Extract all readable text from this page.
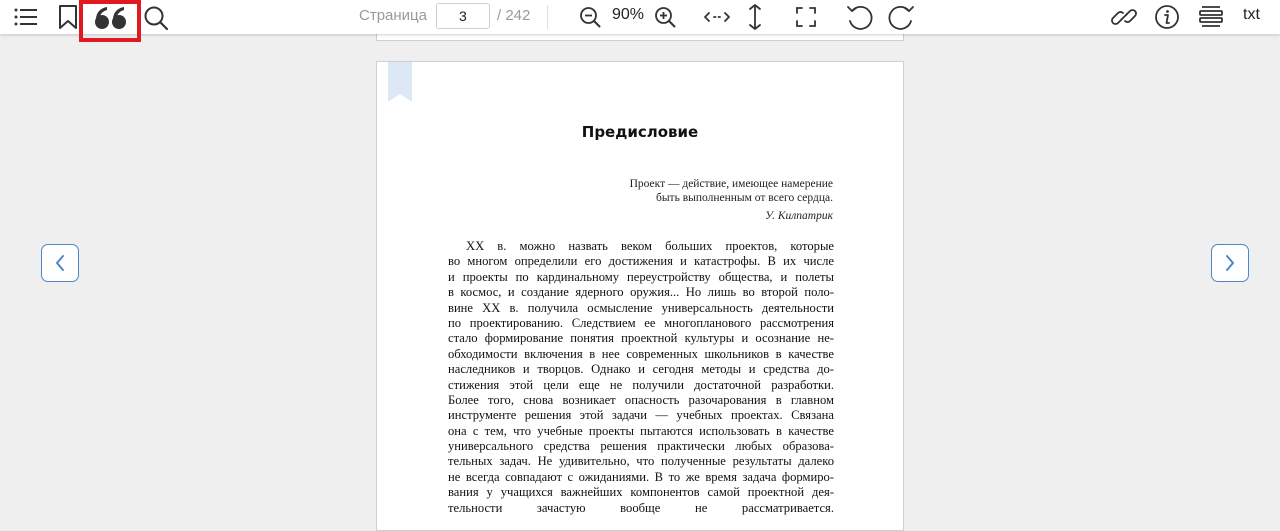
Страница
3	/ 242	90%	txt
Предисловие
Проект — действие, имеющее намерение
быть выполненным от всего сердца.
У. Килпатрик
XX в. можно назвать веком больших проектов, которые
во многом определили его достижения и катастрофы. В их числе
и проекты по кардинальному переустройству общества, и полеты
в космос, и создание ядерного оружия... Но лишь во второй поло-
вине XX в. получила осмысление универсальность деятельности
по проектированию. Следствием ее многопланового рассмотрения
стало формирование понятия проектной культуры и осознание не-
обходимости включения в нее современных школьников в качестве
наследников и творцов. Однако и сегодня методы и средства до-
стижения этой цели еще не получили достаточной разработки.
Более того, снова возникает опасность разочарования в главном
инструменте решения этой задачи — учебных проектах. Связана
она с тем, что учебные проекты пытаются использовать в качестве
универсального средства решения практически любых образова-
тельных задач. Не удивительно, что полученные результаты далеко
не всегда совпадают с ожиданиями. В то же время задача формиро-
вания у учащихся важнейших компонентов самой проектной дея-
тельности зачастую вообще не рассматривается.
